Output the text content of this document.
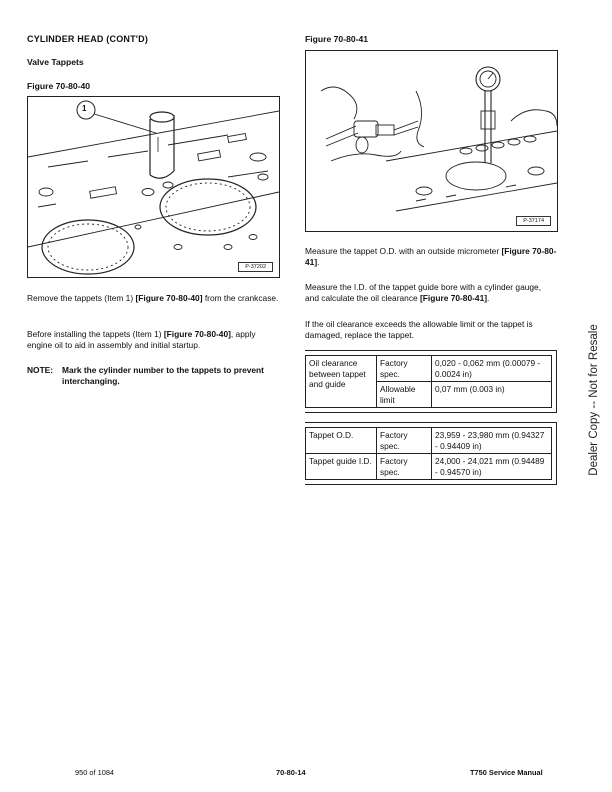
CYLINDER HEAD (CONT'D)
Valve Tappets
Figure 70-80-40
1
P-37202
Remove the tappets (Item 1) [Figure 70-80-40] from the crankcase.
Before installing the tappets (Item 1) [Figure 70-80-40], apply engine oil to aid in assembly and initial startup.
NOTE: Mark the cylinder number to the tappets to prevent interchanging.
Figure 70-80-41
P-37174
Measure the tappet O.D. with an outside micrometer [Figure 70-80-41].
Measure the I.D. of the tappet guide bore with a cylinder gauge, and calculate the oil clearance [Figure 70-80-41].
If the oil clearance exceeds the allowable limit or the tappet is damaged, replace the tappet.
Oil clearance between tappet and guide	Factory spec.	0,020 - 0,062 mm (0.00079 - 0.0024 in)
	Allowable limit	0,07 mm (0.003 in)
Tappet O.D.	Factory spec.	23,959 - 23,980 mm (0.94327 - 0.94409 in)
Tappet guide I.D.	Factory spec.	24,000 - 24,021 mm (0.94489 - 0.94570 in)	Dealer Copy -- Not for Resale
950 of 1084	70-80-14	T750 Service Manual
